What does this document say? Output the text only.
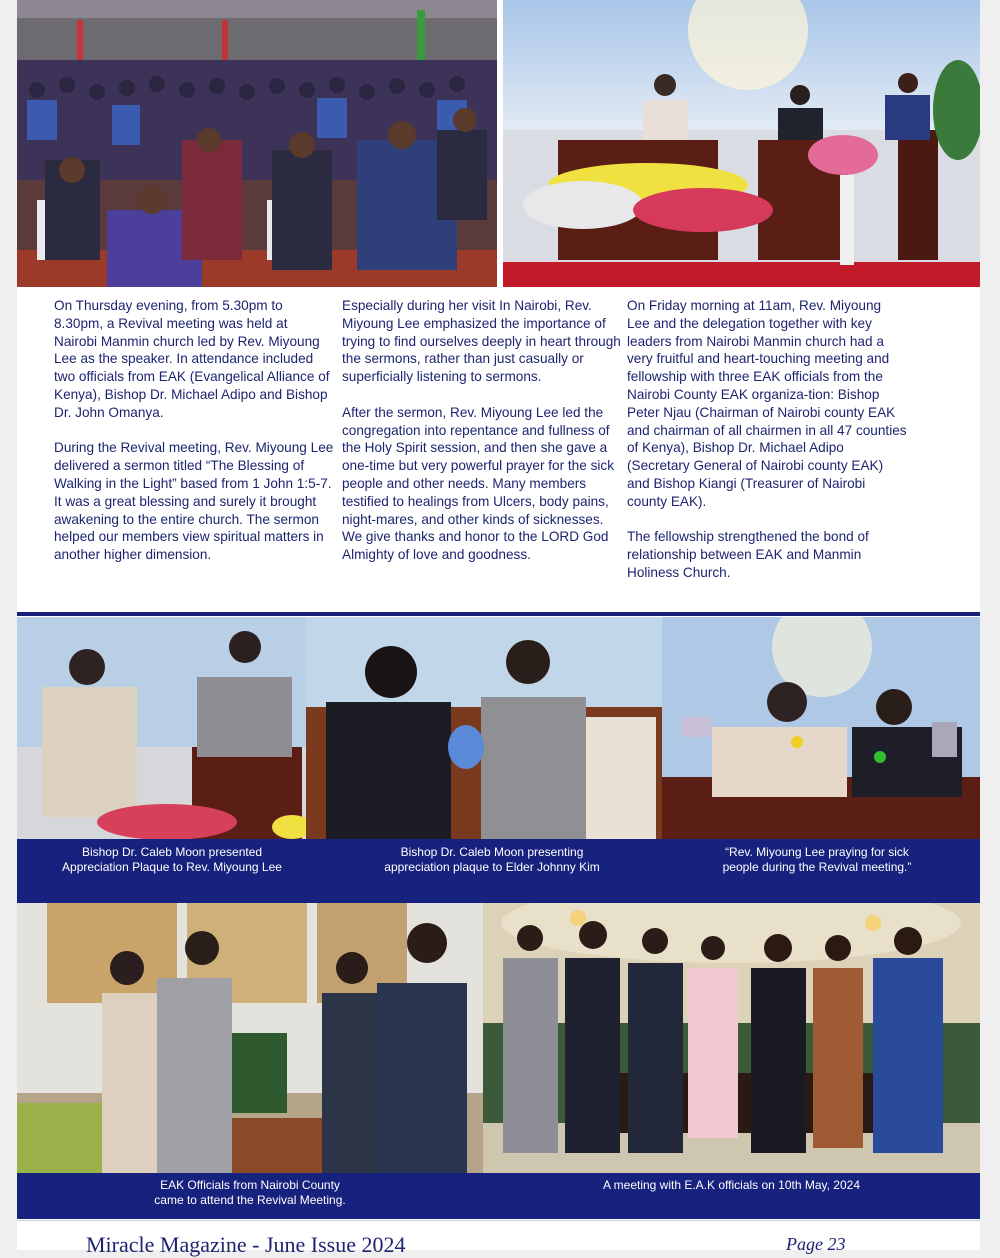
On Thursday evening, from 5.30pm to 8.30pm, a Revival meeting was held at Nairobi Manmin church led by Rev. Miyoung Lee as the speaker. In attendance included two officials from EAK (Evangelical Alliance of Kenya), Bishop Dr. Michael Adipo and Bishop Dr. John Omanya.

During the Revival meeting, Rev. Miyoung Lee delivered a sermon titled “The Blessing of Walking in the Light” based from 1 John 1:5-7. It was a great blessing and surely it brought awakening to the entire church. The sermon helped our members view spiritual matters in another higher dimension.

Especially during her visit In Nairobi, Rev. Miyoung Lee emphasized the importance of trying to find ourselves deeply in heart through the sermons, rather than just casually or superficially listening to sermons.

After the sermon, Rev. Miyoung Lee led the congregation into repentance and fullness of the Holy Spirit session, and then she gave a one-time but very powerful prayer for the sick people and other needs. Many members testified to healings from Ulcers, body pains, night-mares, and other kinds of sicknesses. We give thanks and honor to the LORD God Almighty of love and goodness.

On Friday morning at 11am, Rev. Miyoung Lee and the delegation together with key leaders from Nairobi Manmin church had a very fruitful and heart-touching meeting and fellowship with three EAK officials from the Nairobi County EAK organiza-tion: Bishop Peter Njau (Chairman of Nairobi county EAK and chairman of all chairmen in all 47 counties of Kenya), Bishop Dr. Michael Adipo (Secretary General of Nairobi county EAK) and Bishop Kiangi (Treasurer of Nairobi county EAK).

The fellowship strengthened the bond of relationship between EAK and Manmin Holiness Church.

Bishop Dr. Caleb Moon presented
Appreciation Plaque to Rev. Miyoung Lee
Bishop Dr. Caleb Moon presenting
appreciation plaque to Elder Johnny Kim
“Rev. Miyoung Lee praying for sick
people during the Revival meeting.”
EAK Officials from Nairobi County
came to attend the Revival Meeting.
A meeting with E.A.K officials on 10th May, 2024
Miracle Magazine - June Issue 2024	Page 23
